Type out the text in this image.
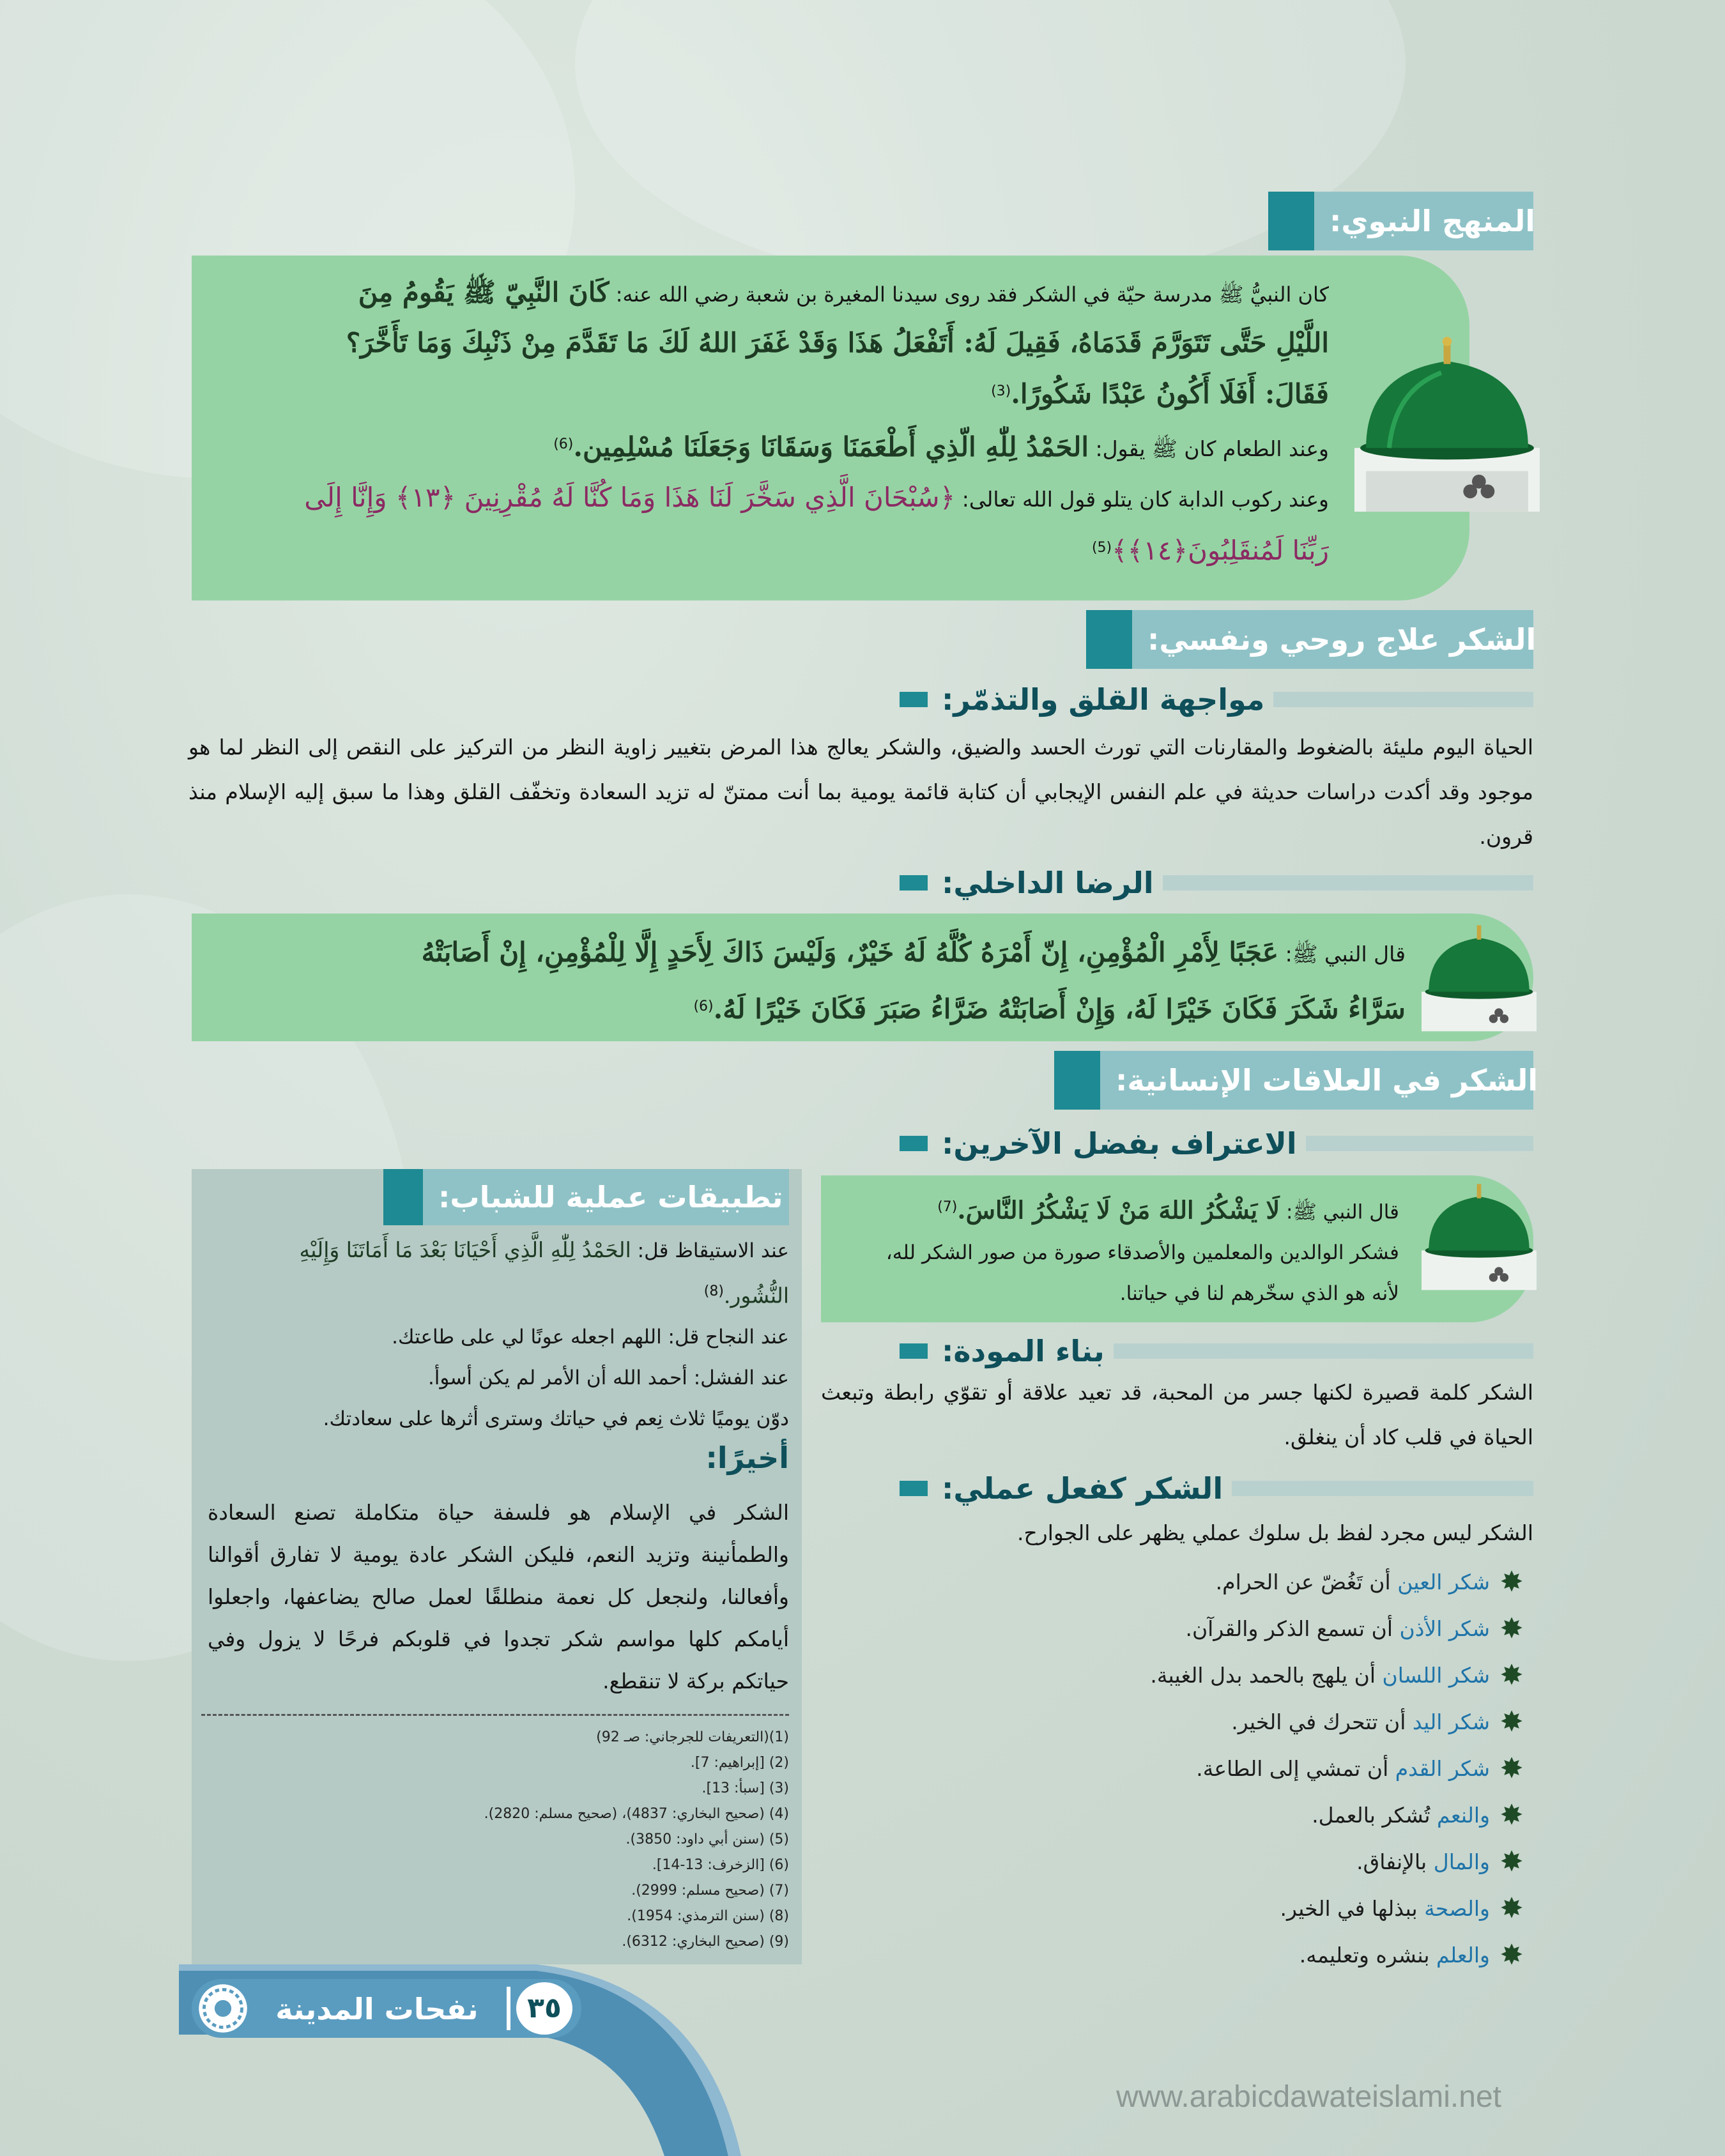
المنهج النبوي:
كان النبيُّ ﷺ مدرسة حيّة في الشكر فقد روى سيدنا المغيرة بن شعبة رضي الله عنه: كَانَ النَّبِيّ ﷺ يَقُومُ مِنَ
اللَّيْلِ حَتَّى تَتَوَرَّمَ قَدَمَاهُ، فَقِيلَ لَهُ: أَتَفْعَلُ هَذَا وَقَدْ غَفَرَ اللهُ لَكَ مَا تَقَدَّمَ مِنْ ذَنْبِكَ وَمَا تَأَخَّرَ؟
فَقَالَ: أَفَلَا أَكُونُ عَبْدًا شَكُورًا.$^{(3)}$
وعند الطعام كان ﷺ يقول: الحَمْدُ لِلّٰهِ الّذِي أَطْعَمَنَا وَسَقَانَا وَجَعَلَنَا مُسْلِمِين.$^{(6)}$
وعند ركوب الدابة كان يتلو قول الله تعالى: ﴿سُبْحَانَ الَّذِي سَخَّرَ لَنَا هَذَا وَمَا كُنَّا لَهُ مُقْرِنِينَ ﴿١٣﴾ وَإِنَّا إِلَى
رَبِّنَا لَمُنقَلِبُونَ﴿١٤﴾﴾$^{(5)}$
الشكر علاج روحي ونفسي:
مواجهة القلق والتذمّر:
الحياة اليوم مليئة بالضغوط والمقارنات التي تورث الحسد والضيق، والشكر يعالج هذا المرض بتغيير زاوية النظر من التركيز على النقص إلى النظر لما هو موجود وقد أكدت دراسات حديثة في علم النفس الإيجابي أن كتابة قائمة يومية بما أنت ممتنّ له تزيد السعادة وتخفّف القلق وهذا ما سبق إليه الإسلام منذ قرون.
الرضا الداخلي:
قال النبي ﷺ: عَجَبًا لِأَمْرِ الْمُؤْمِنِ، إِنّ أَمْرَهُ كُلَّهُ لَهُ خَيْرٌ، وَلَيْسَ ذَاكَ لِأَحَدٍ إِلَّا لِلْمُؤْمِنِ، إِنْ أَصَابَتْهُ
سَرَّاءُ شَكَرَ فَكَانَ خَيْرًا لَهُ، وَإِنْ أَصَابَتْهُ ضَرَّاءُ صَبَرَ فَكَانَ خَيْرًا لَهُ.$^{(6)}$
الشكر في العلاقات الإنسانية:
الاعتراف بفضل الآخرين:
قال النبي ﷺ: لَا يَشْكُرُ اللهَ مَنْ لَا يَشْكُرُ النَّاسَ.$^{(7)}$
فشكر الوالدين والمعلمين والأصدقاء صورة من صور الشكر لله،
لأنه هو الذي سخّرهم لنا في حياتنا.
بناء المودة:
الشكر كلمة قصيرة لكنها جسر من المحبة، قد تعيد علاقة أو تقوّي رابطة وتبعث الحياة في قلب كاد أن ينغلق.
الشكر كفعل عملي:
الشكر ليس مجرد لفظ بل سلوك عملي يظهر على الجوارح.
✸
شكر العين أن تَغُضّ عن الحرام.
✸
شكر الأذن أن تسمع الذكر والقرآن.
✸
شكر اللسان أن يلهج بالحمد بدل الغيبة.
✸
شكر اليد أن تتحرك في الخير.
✸
شكر القدم أن تمشي إلى الطاعة.
✸
والنعم تُشكر بالعمل.
✸
والمال بالإنفاق.
✸
والصحة ببذلها في الخير.
✸
والعلم بنشره وتعليمه.
تطبيقات عملية للشباب:
عند الاستيقاظ قل: الحَمْدُ لِلّٰهِ الَّذِي أَحْيَانَا بَعْدَ مَا أَمَاتَنَا وَإِلَيْهِ
النُّشُور.$^{(8)}$
عند النجاح قل: اللهم اجعله عونًا لي على طاعتك.
عند الفشل: أحمد الله أن الأمر لم يكن أسوأ.
دوّن يوميًا ثلاث نِعم في حياتك وسترى أثرها على سعادتك.
أخيرًا:
الشكر في الإسلام هو فلسفة حياة متكاملة تصنع السعادة والطمأنينة وتزيد النعم، فليكن الشكر عادة يومية لا تفارق أقوالنا وأفعالنا، ولنجعل كل نعمة منطلقًا لعمل صالح يضاعفها، واجعلوا أيامكم كلها مواسم شكر تجدوا في قلوبكم فرحًا لا يزول وفي حياتكم بركة لا تنقطع.
(1)(التعريفات للجرجاني: صـ 92)
(2) [إبراهيم: 7].
(3) [سبأ: 13].
(4) (صحيح البخاري: 4837)، (صحيح مسلم: 2820).
(5) (سنن أبي داود: 3850).
(6) [الزخرف: 13-14].
(7) (صحيح مسلم: 2999).
(8) (سنن الترمذي: 1954).
(9) (صحيح البخاري: 6312).
نفحات المدينة	٣٥
www.arabicdawateislami.net
